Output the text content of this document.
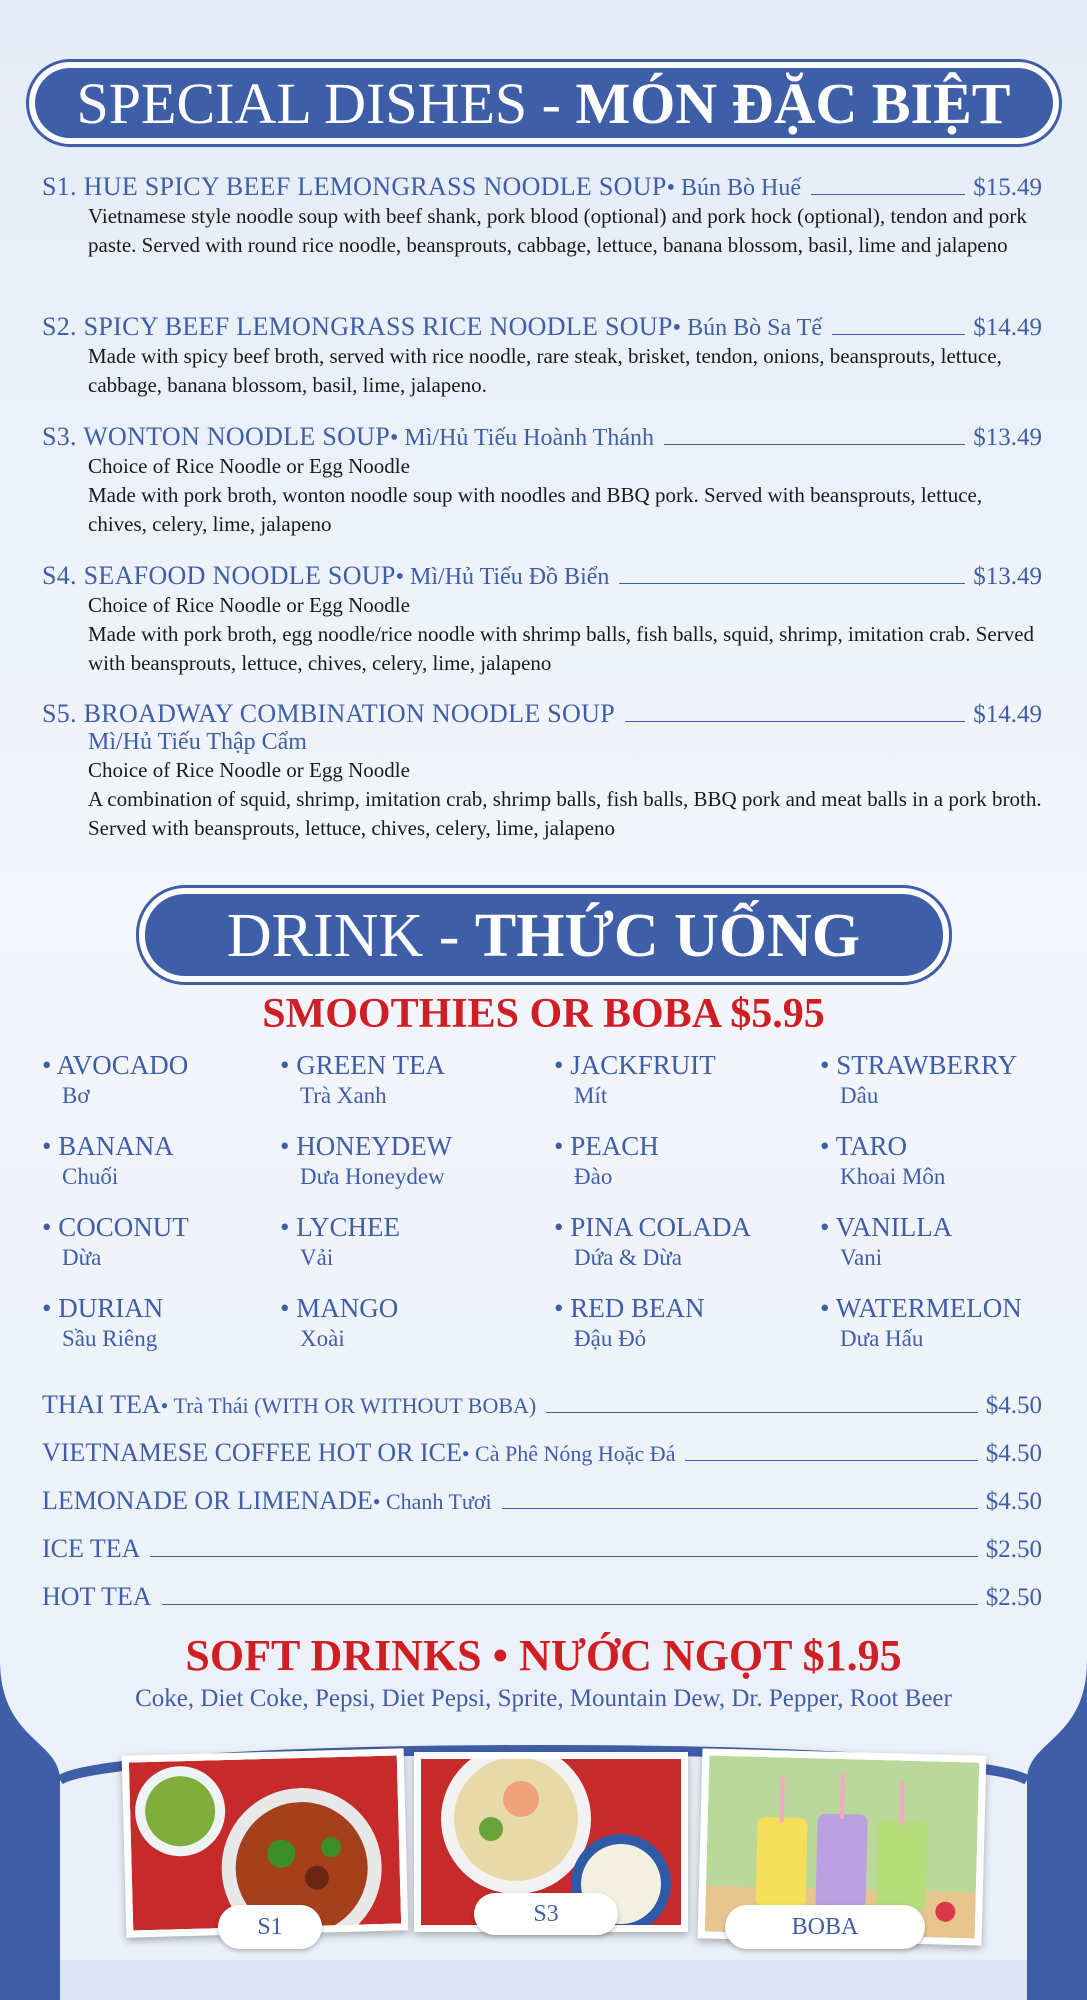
SPECIAL DISHES - MÓN ĐẶC BIỆT
S1. HUE SPICY BEEF LEMONGRASS NOODLE SOUP • Bún Bò Huế	$15.49
Vietnamese style noodle soup with beef shank, pork blood (optional) and pork hock (optional), tendon and pork paste. Served with round rice noodle, beansprouts, cabbage, lettuce, banana blossom, basil, lime and jalapeno
S2. SPICY BEEF LEMONGRASS RICE NOODLE SOUP • Bún Bò Sa Tế	$14.49
Made with spicy beef broth, served with rice noodle, rare steak, brisket, tendon, onions, beansprouts, lettuce, cabbage, banana blossom, basil, lime, jalapeno.
S3. WONTON NOODLE SOUP • Mì/Hủ Tiếu Hoành Thánh	$13.49
Choice of Rice Noodle or Egg Noodle
Made with pork broth, wonton noodle soup with noodles and BBQ pork. Served with beansprouts, lettuce, chives, celery, lime, jalapeno
S4. SEAFOOD NOODLE SOUP • Mì/Hủ Tiếu Đồ Biển	$13.49
Choice of Rice Noodle or Egg Noodle
Made with pork broth, egg noodle/rice noodle with shrimp balls, fish balls, squid, shrimp, imitation crab. Served with beansprouts, lettuce, chives, celery, lime, jalapeno
S5. BROADWAY COMBINATION NOODLE SOUP	$14.49
Mì/Hủ Tiếu Thập Cẩm
Choice of Rice Noodle or Egg Noodle
A combination of squid, shrimp, imitation crab, shrimp balls, fish balls, BBQ pork and meat balls in a pork broth. Served with beansprouts, lettuce, chives, celery, lime, jalapeno
DRINK - THỨC UỐNG
SMOOTHIES OR BOBA $5.95
• AVOCADO
Bơ
• GREEN TEA
Trà Xanh
• JACKFRUIT
Mít
• STRAWBERRY
Dâu
• BANANA
Chuối
• HONEYDEW
Dưa Honeydew
• PEACH
Đào
• TARO
Khoai Môn
• COCONUT
Dừa
• LYCHEE
Vải
• PINA COLADA
Dứa & Dừa
• VANILLA
Vani
• DURIAN
Sầu Riêng
• MANGO
Xoài
• RED BEAN
Đậu Đỏ
• WATERMELON
Dưa Hấu
THAI TEA • Trà Thái (WITH OR WITHOUT BOBA)	$4.50
VIETNAMESE COFFEE HOT OR ICE • Cà Phê Nóng Hoặc Đá	$4.50
LEMONADE OR LIMENADE • Chanh Tươi	$4.50
ICE TEA	$2.50
HOT TEA	$2.50
SOFT DRINKS • NƯỚC NGỌT $1.95
Coke, Diet Coke, Pepsi, Diet Pepsi, Sprite, Mountain Dew, Dr. Pepper, Root Beer
S1	S3	BOBA
